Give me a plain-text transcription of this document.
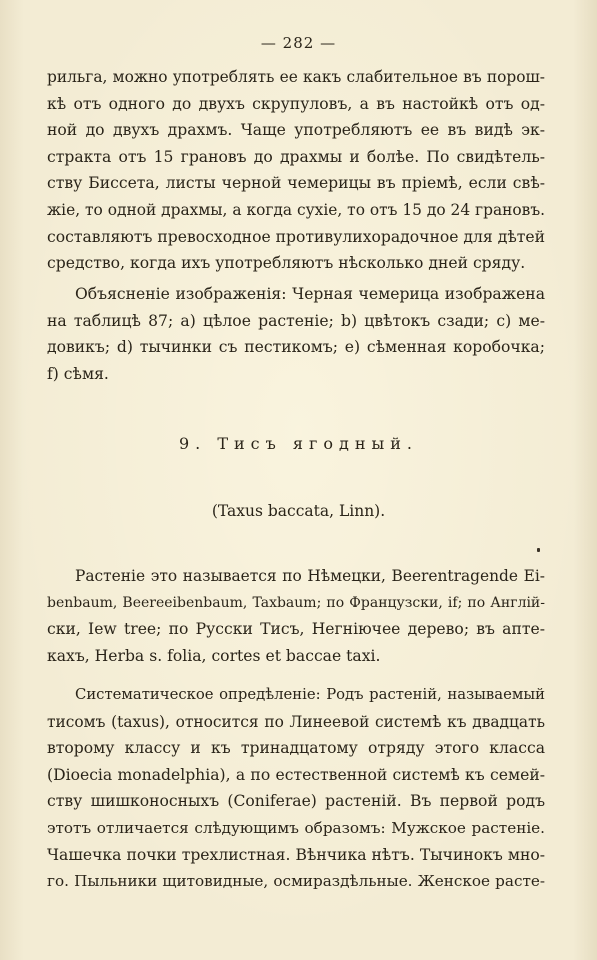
— 282 —
рильга, можно употреблять ее какъ слабительное въ порош-
кѣ отъ одного до двухъ скрупуловъ, а въ настойкѣ отъ од-
ной до двухъ драхмъ. Чаще употребляютъ ее въ видѣ эк-
стракта отъ 15 грановъ до драхмы и болѣе. По свидѣтель-
ству Биссета, листы черной чемерицы въ пріемѣ, если свѣ-
жіе, то одной драхмы, а когда сухіе, то отъ 15 до 24 грановъ.
составляютъ превосходное противулихорадочное для дѣтей
средство, когда ихъ употребляютъ нѣсколько дней сряду.
Объясненіе изображенія: Черная чемерица изображена
на таблицѣ 87; a) цѣлое растеніе; b) цвѣтокъ сзади; c) ме-
довикъ; d) тычинки съ пестикомъ; e) сѣменная коробочка;
f) сѣмя.
9. Тисъ ягодный.
(Taxus baccata, Linn).
Растеніе это называется по Нѣмецки, Beerentragende Ei-
benbaum, Beereeibenbaum, Taxbaum; по Французски, if; по Англій-
ски, Iew tree; по Русски Тисъ, Негніючее дерево; въ апте-
кахъ, Herba s. folia, cortes et baccae taxi.
Систематическое опредѣленіе: Родъ растеній, называемый
тисомъ (taxus), относится по Линеевой системѣ къ двадцать
второму классу и къ тринадцатому отряду этого класса
(Dioecia monadelphia), а по естественной системѣ къ семей-
ству шишконосныхъ (Coniferae) растеній. Въ первой родъ
этотъ отличается слѣдующимъ образомъ: Мужское растеніе.
Чашечка почки трехлистная. Вѣнчика нѣтъ. Тычинокъ мно-
го. Пыльники щитовидные, осмираздѣльные. Женское расте-
